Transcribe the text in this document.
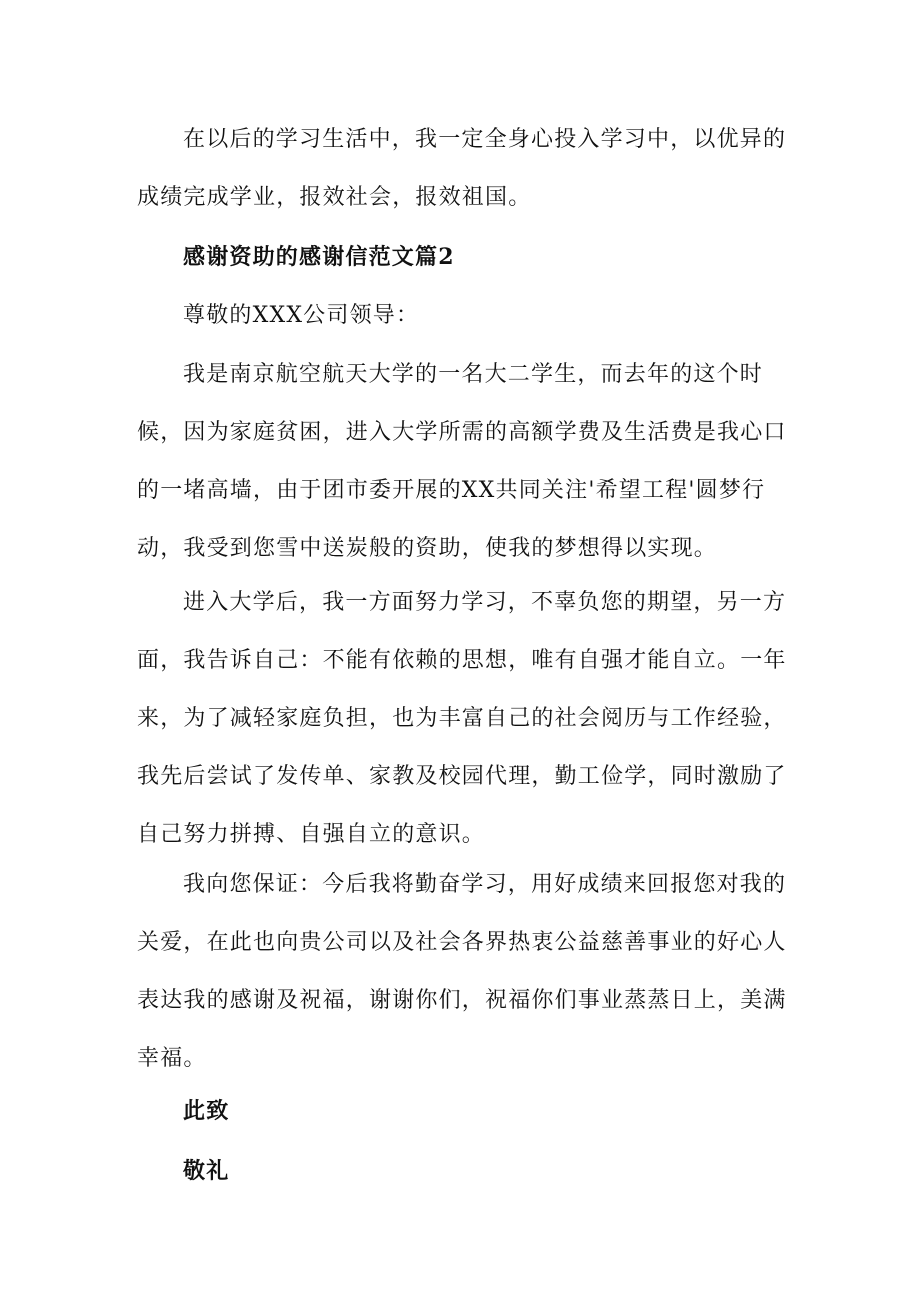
在以后的学习生活中，我一定全身心投入学习中，以优异的成绩完成学业，报效社会，报效祖国。

感谢资助的感谢信范文篇2

尊敬的XXX公司领导：

我是南京航空航天大学的一名大二学生，而去年的这个时候，因为家庭贫困，进入大学所需的高额学费及生活费是我心口的一堵高墙，由于团市委开展的XX共同关注'希望工程'圆梦行动，我受到您雪中送炭般的资助，使我的梦想得以实现。

进入大学后，我一方面努力学习，不辜负您的期望，另一方面，我告诉自己：不能有依赖的思想，唯有自强才能自立。一年来，为了减轻家庭负担，也为丰富自己的社会阅历与工作经验，我先后尝试了发传单、家教及校园代理，勤工俭学，同时激励了自己努力拼搏、自强自立的意识。

我向您保证：今后我将勤奋学习，用好成绩来回报您对我的关爱，在此也向贵公司以及社会各界热衷公益慈善事业的好心人表达我的感谢及祝福，谢谢你们，祝福你们事业蒸蒸日上，美满幸福。

此致

敬礼
